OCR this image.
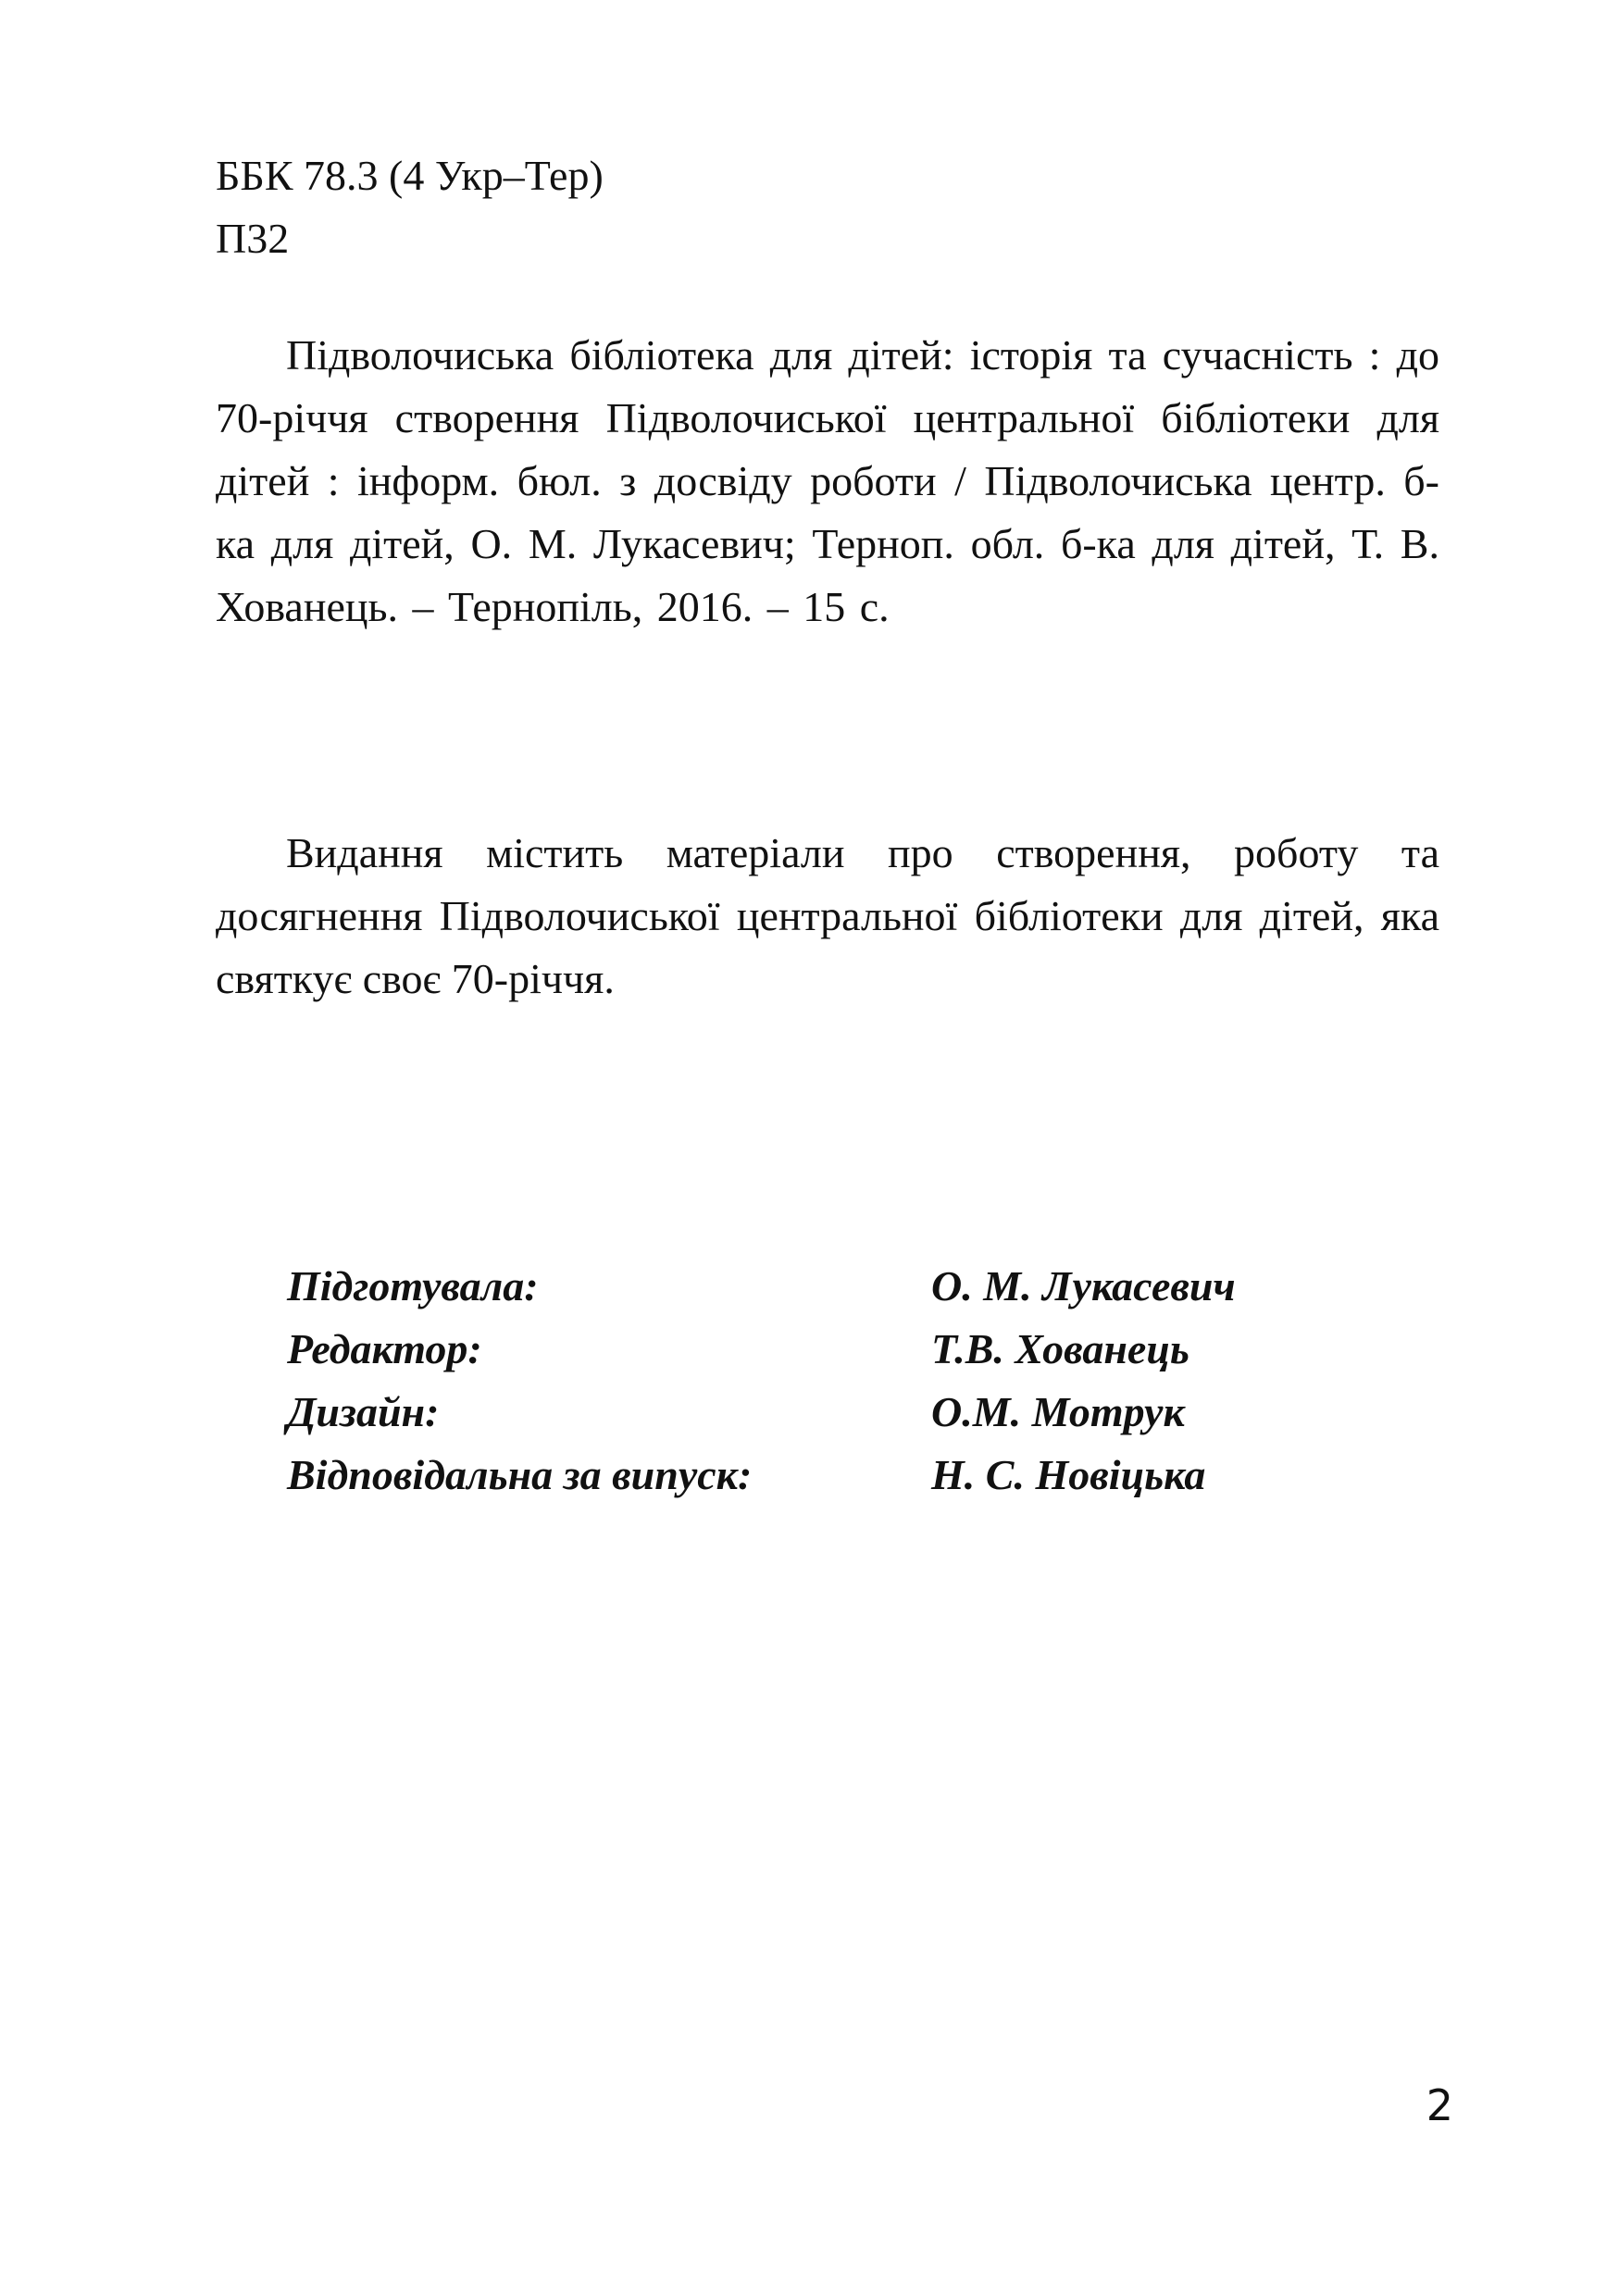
ББК 78.3 (4 Укр–Тер)
П32

Підволочиська бібліотека для дітей: історія та сучасність : до 70-річчя створення Підволочиської центральної бібліотеки для дітей : інформ. бюл. з досвіду роботи / Підволочиська центр. б-ка для дітей, О. М. Лукасевич; Терноп. обл. б-ка для дітей, Т. В. Хованець. – Тернопіль, 2016. – 15 с.

Видання містить матеріали про створення, роботу та досягнення Підволочиської центральної бібліотеки для дітей, яка святкує своє 70-річчя.

Підготувала:	О. М. Лукасевич
Редактор:	Т.В. Хованець
Дизайн:	О.М. Мотрук
Відповідальна за випуск:	Н. С. Новіцька
2
